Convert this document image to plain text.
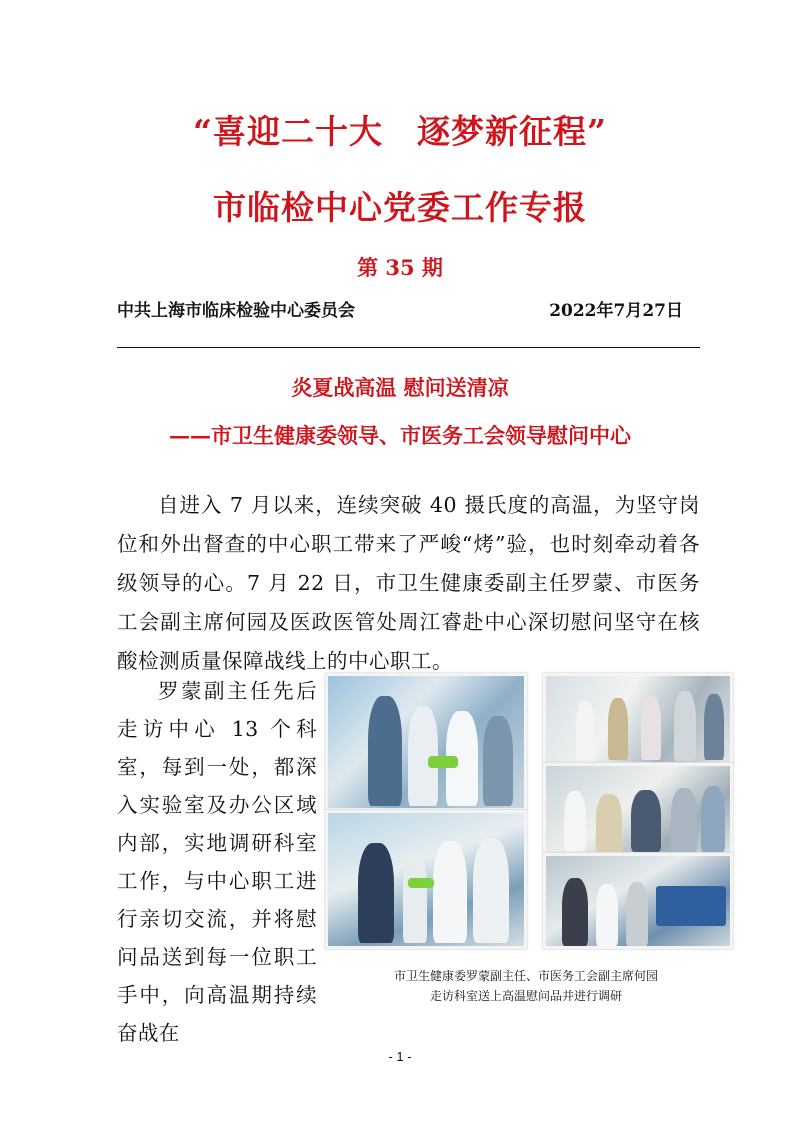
“喜迎二十大　逐梦新征程”
市临检中心党委工作专报
第 35 期
中共上海市临床检验中心委员会	2022年7月27日
炎夏战高温 慰问送清凉
——市卫生健康委领导、市医务工会领导慰问中心

自进入 7 月以来，连续突破 40 摄氏度的高温，为坚守岗位和外出督查的中心职工带来了严峻“烤”验，也时刻牵动着各级领导的心。7 月 22 日，市卫生健康委副主任罗蒙、市医务工会副主席何园及医政医管处周江睿赴中心深切慰问坚守在核酸检测质量保障战线上的中心职工。

罗蒙副主任先后走访中心 13 个科室，每到一处，都深入实验室及办公区域内部，实地调研科室工作，与中心职工进行亲切交流，并将慰问品送到每一位职工手中，向高温期持续奋战在

市卫生健康委罗蒙副主任、市医务工会副主席何园
走访科室送上高温慰问品并进行调研
- 1 -
